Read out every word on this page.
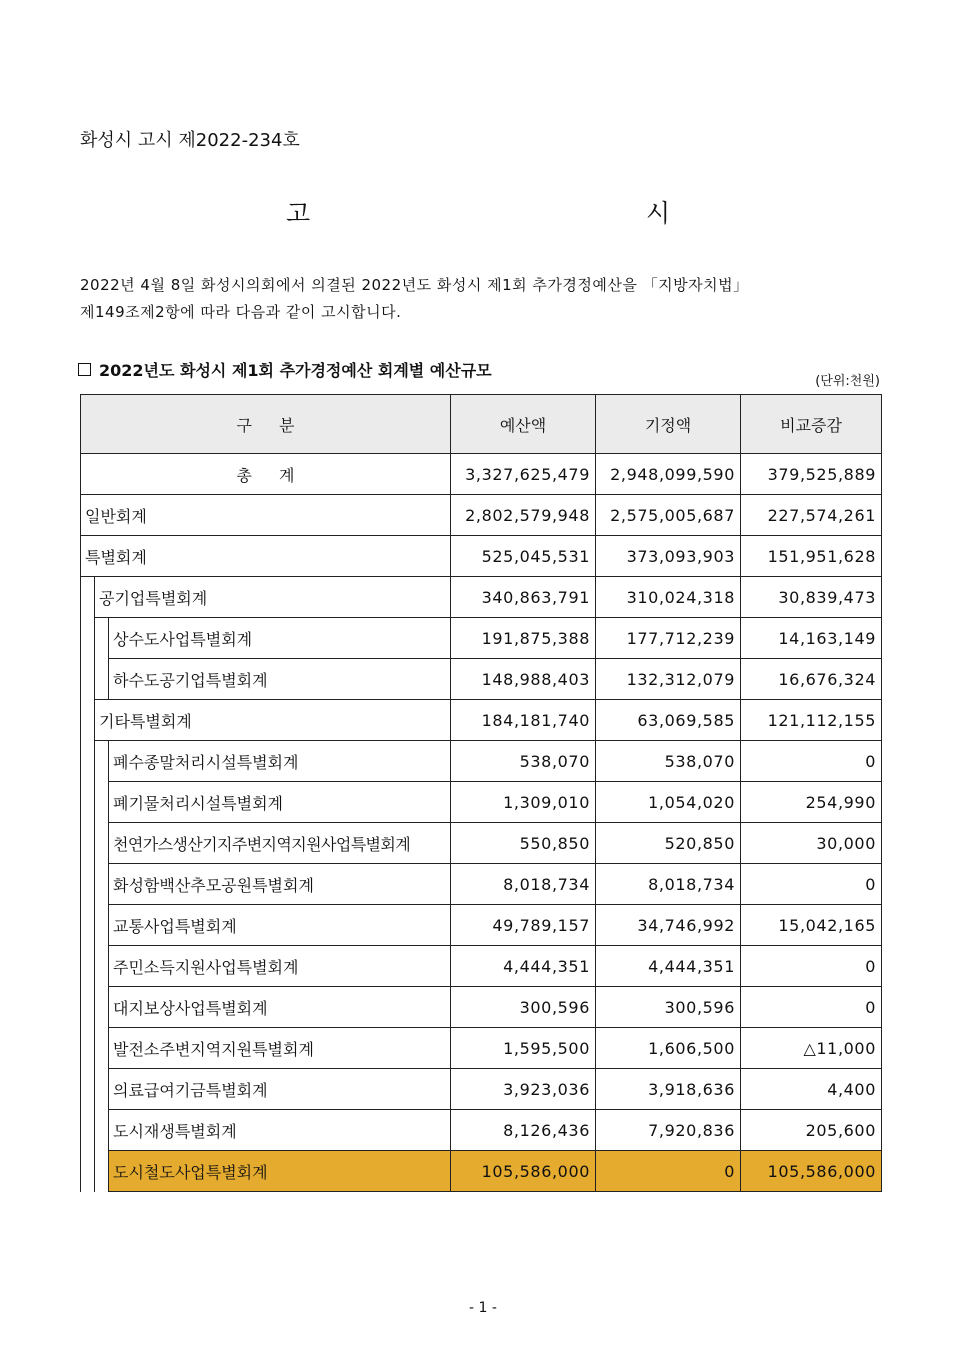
화성시 고시 제2022-234호
고	시

2022년 4월 8일 화성시의회에서 의결된 2022년도 화성시 제1회 추가경정예산을 「지방자치법」

제149조제2항에 따라 다음과 같이 고시합니다.

2022년도 화성시 제1회 추가경정예산 회계별 예산규모
(단위:천원)
구 분			예산액	기정액	비교증감
총 계			3,327,625,479	2,948,099,590	379,525,889
일반회계			2,802,579,948	2,575,005,687	227,574,261
특별회계			525,045,531	373,093,903	151,951,628
	공기업특별회계		340,863,791	310,024,318	30,839,473
		상수도사업특별회계	191,875,388	177,712,239	14,163,149
		하수도공기업특별회계	148,988,403	132,312,079	16,676,324
	기타특별회계		184,181,740	63,069,585	121,112,155
		폐수종말처리시설특별회계	538,070	538,070	0
		폐기물처리시설특별회계	1,309,010	1,054,020	254,990
		천연가스생산기지주변지역지원사업특별회계	550,850	520,850	30,000
		화성함백산추모공원특별회계	8,018,734	8,018,734	0
		교통사업특별회계	49,789,157	34,746,992	15,042,165
		주민소득지원사업특별회계	4,444,351	4,444,351	0
		대지보상사업특별회계	300,596	300,596	0
		발전소주변지역지원특별회계	1,595,500	1,606,500	△11,000
		의료급여기금특별회계	3,923,036	3,918,636	4,400
		도시재생특별회계	8,126,436	7,920,836	205,600
		도시철도사업특별회계	105,586,000	0	105,586,000
- 1 -
